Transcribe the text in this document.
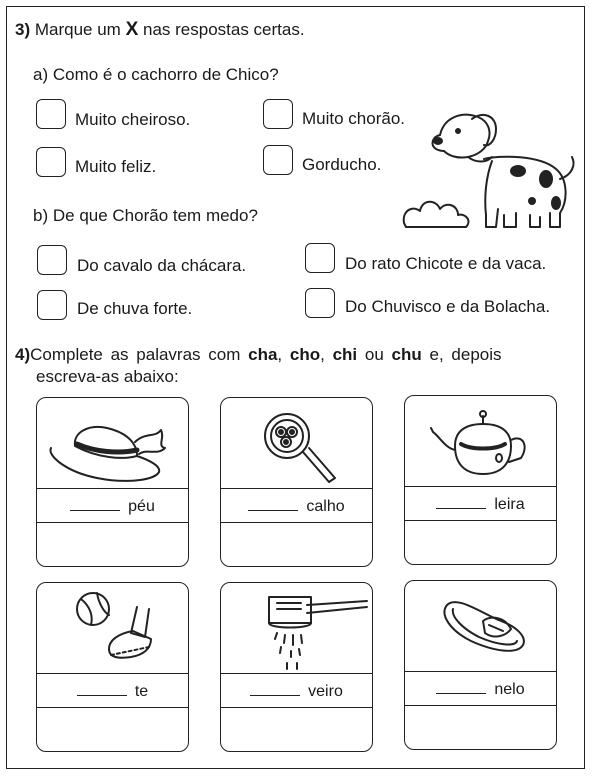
3) Marque um X nas respostas certas.
a) Como é o cachorro de Chico?
Muito cheiroso.	Muito chorão.
Muito feliz.	Gorducho.
b) De que Chorão tem medo?
Do cavalo da chácara.	Do rato Chicote e da vaca.
De chuva forte.	Do Chuvisco e da Bolacha.
4)Complete as palavras com cha, cho, chi ou chu e, depois
escreva-as abaixo:
péu	calho	leira
te	veiro	nelo
